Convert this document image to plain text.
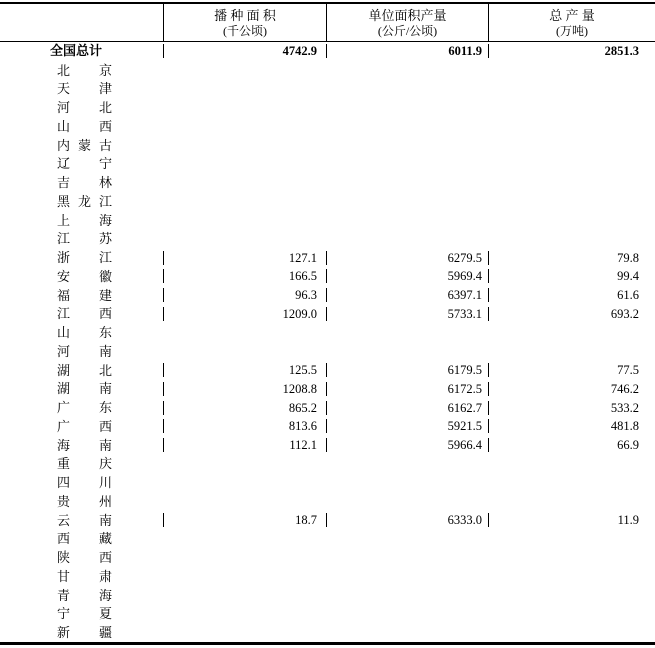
播 种 面 积
(千公顷)
单位面积产量
(公斤/公顷)
总 产 量
(万吨)
全国总计	4742.9	6011.9	2851.3
北 京
天 津
河 北
山 西
内 蒙 古
辽 宁
吉 林
黑 龙 江
上 海
江 苏
浙 江	127.1	6279.5	79.8
安 徽	166.5	5969.4	99.4
福 建	96.3	6397.1	61.6
江 西	1209.0	5733.1	693.2
山 东
河 南
湖 北	125.5	6179.5	77.5
湖 南	1208.8	6172.5	746.2
广 东	865.2	6162.7	533.2
广 西	813.6	5921.5	481.8
海 南	112.1	5966.4	66.9
重 庆
四 川
贵 州
云 南	18.7	6333.0	11.9
西 藏
陕 西
甘 肃
青 海
宁 夏
新 疆
